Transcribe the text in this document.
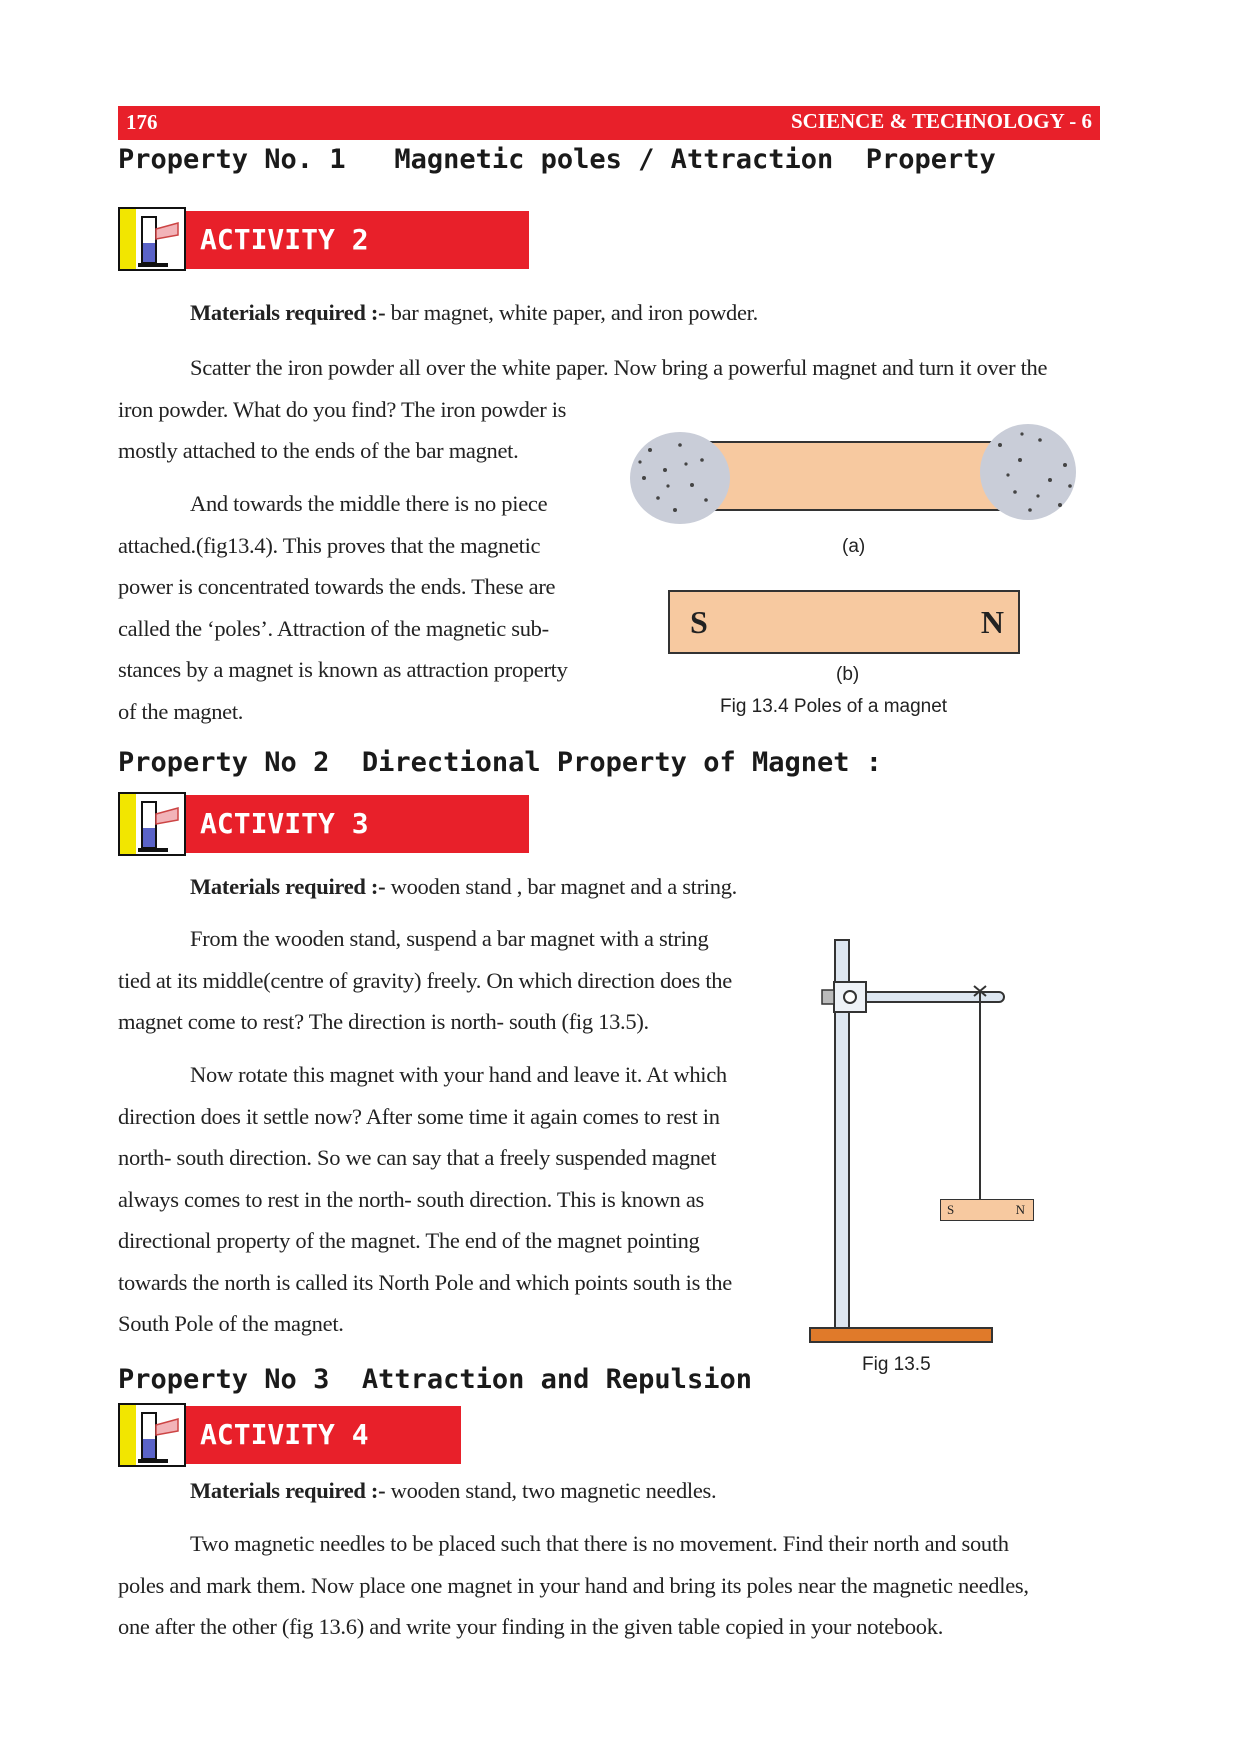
176	SCIENCE & TECHNOLOGY - 6
Property No. 1   Magnetic poles / Attraction  Property
ACTIVITY 2
Materials required :- bar magnet, white paper, and iron powder.

Scatter the iron powder all over the white paper. Now bring a powerful magnet and turn it over the

iron powder. What do you find? The iron powder is

mostly attached to the ends of the bar magnet.

And towards the middle there is no piece

attached.(fig13.4). This proves that the magnetic

power is concentrated towards the ends. These are

called the ‘poles’. Attraction of the magnetic sub-

stances by a magnet is known as attraction property

of the magnet.

(a)
S	N
(b)
Fig 13.4 Poles of a magnet
Property No 2  Directional Property of Magnet :
ACTIVITY 3
Materials required :- wooden stand , bar magnet and a string.

From the wooden stand, suspend a bar magnet with a string

tied at its middle(centre of gravity) freely. On which direction does the

magnet come to rest? The direction is north- south (fig 13.5).

Now rotate this magnet with your hand and leave it. At which

direction does it settle now? After some time it again comes to rest in

north- south direction. So we can say that a freely suspended magnet

always comes to rest in the north- south direction. This is known as

directional property of the magnet. The end of the magnet pointing

towards the north is called its North Pole and which points south is the

South Pole of the magnet.

S	N
Fig 13.5
Property No 3  Attraction and Repulsion
ACTIVITY 4
Materials required :- wooden stand, two magnetic needles.

Two magnetic needles to be placed such that there is no movement. Find their north and south

poles and mark them. Now place one magnet in your hand and bring its poles near the magnetic needles,

one after the other (fig 13.6) and write your finding in the given table copied in your notebook.
